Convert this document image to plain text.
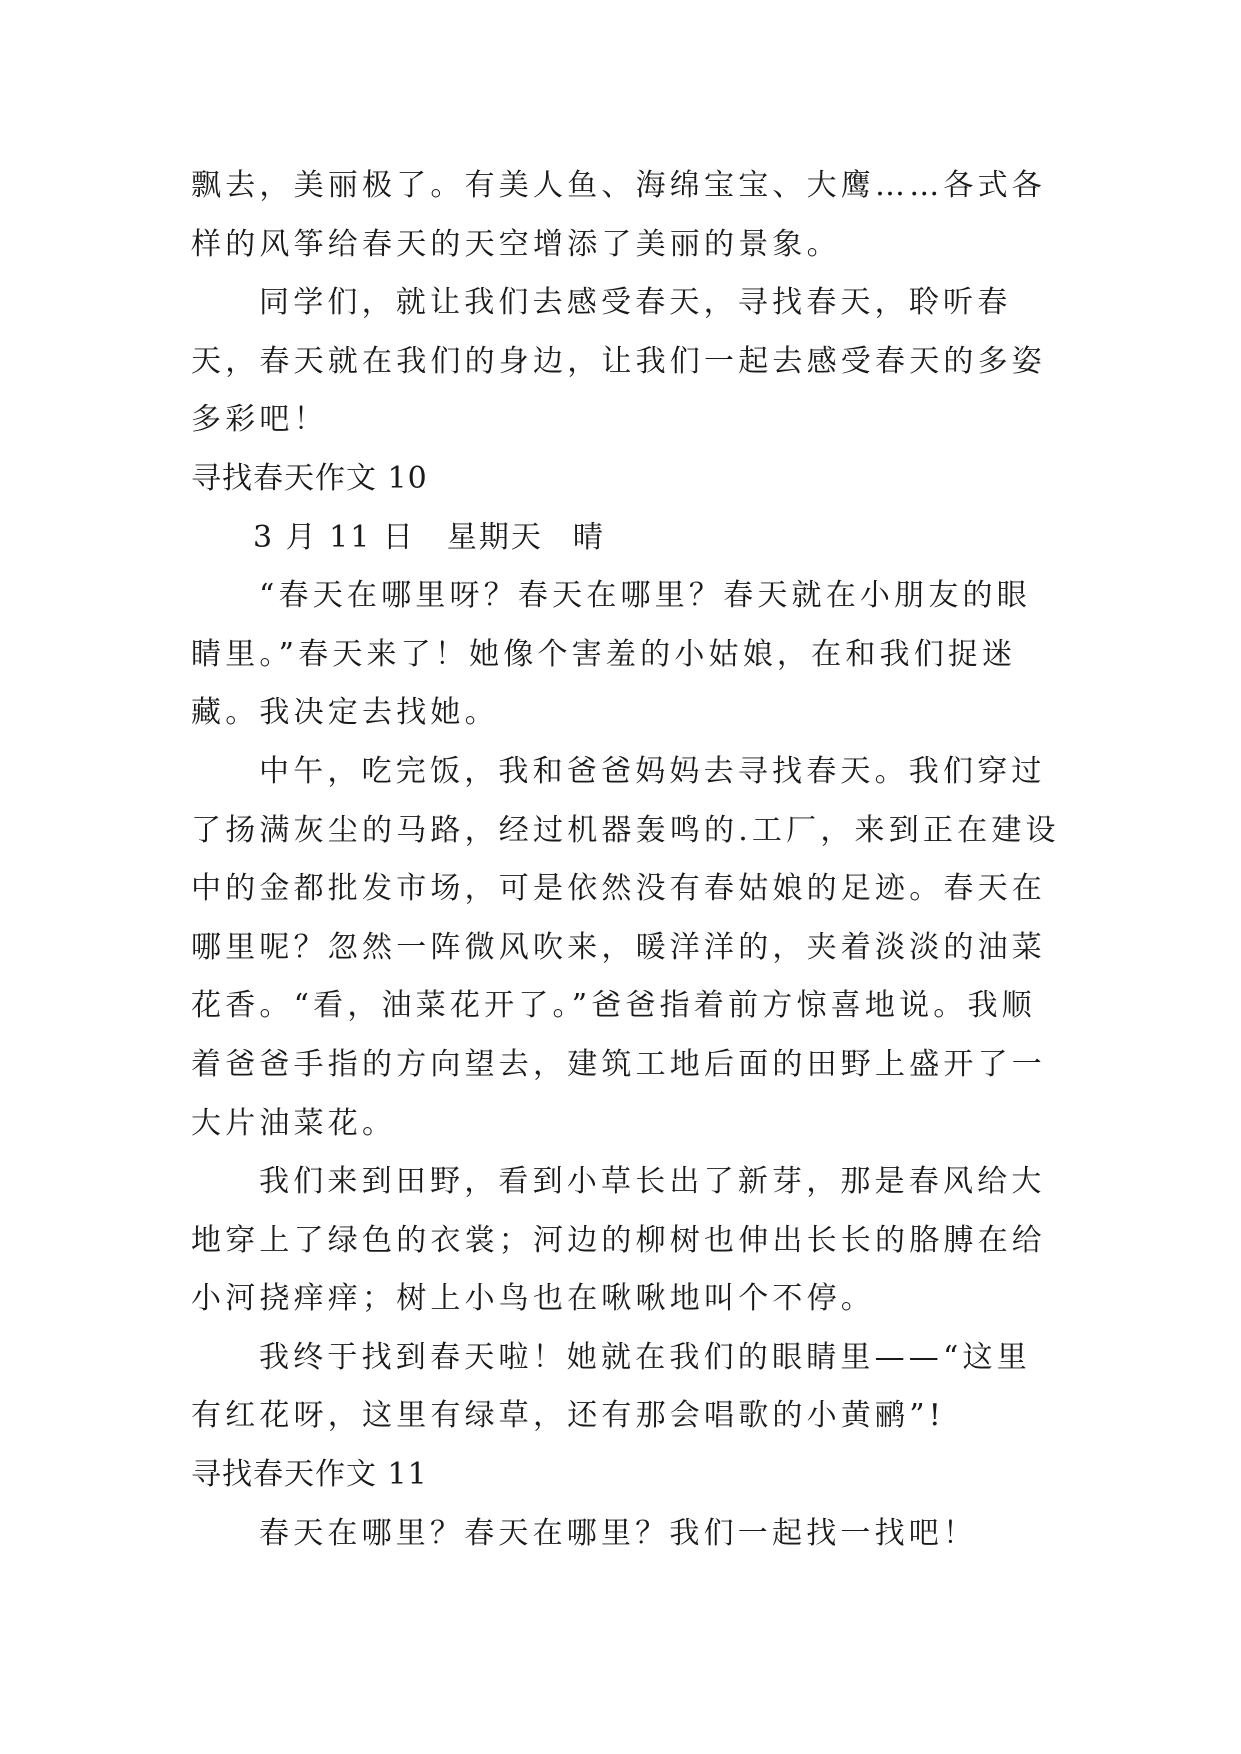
飘去，美丽极了。有美人鱼、海绵宝宝、大鹰……各式各样的风筝给春天的天空增添了美丽的景象。

同学们，就让我们去感受春天，寻找春天，聆听春天，春天就在我们的身边，让我们一起去感受春天的多姿多彩吧！

寻找春天作文 10

3 月 11 日 星期天 晴

“春天在哪里呀？春天在哪里？春天就在小朋友的眼睛里。”春天来了！她像个害羞的小姑娘，在和我们捉迷藏。我决定去找她。

中午，吃完饭，我和爸爸妈妈去寻找春天。我们穿过了扬满灰尘的马路，经过机器轰鸣的.工厂，来到正在建设中的金都批发市场，可是依然没有春姑娘的足迹。春天在哪里呢？忽然一阵微风吹来，暖洋洋的，夹着淡淡的油菜花香。“看，油菜花开了。”爸爸指着前方惊喜地说。我顺着爸爸手指的方向望去，建筑工地后面的田野上盛开了一大片油菜花。

我们来到田野，看到小草长出了新芽，那是春风给大地穿上了绿色的衣裳；河边的柳树也伸出长长的胳膊在给小河挠痒痒；树上小鸟也在啾啾地叫个不停。

我终于找到春天啦！她就在我们的眼睛里——“这里有红花呀，这里有绿草，还有那会唱歌的小黄鹂”!

寻找春天作文 11

春天在哪里？春天在哪里？我们一起找一找吧！
